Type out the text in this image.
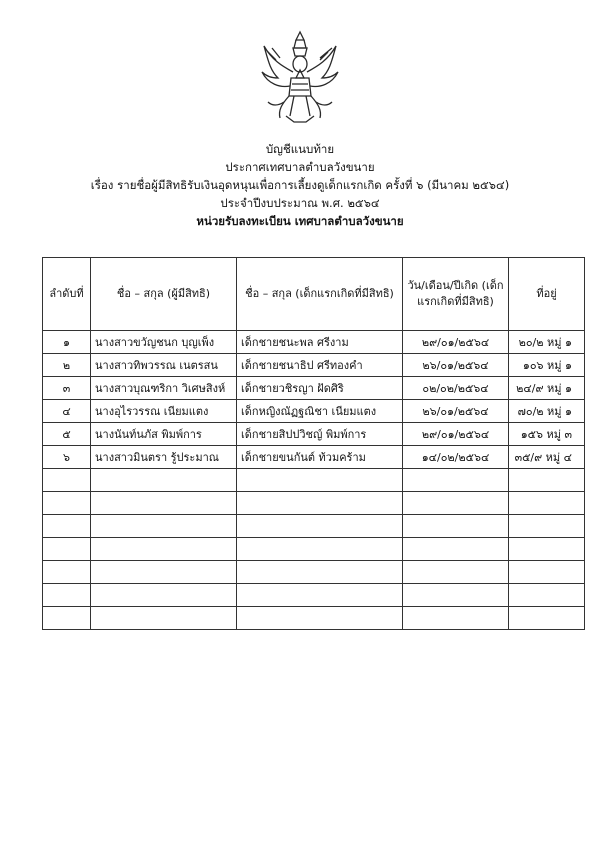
บัญชีแนบท้าย
ประกาศเทศบาลตำบลวังขนาย
เรื่อง รายชื่อผู้มีสิทธิรับเงินอุดหนุนเพื่อการเลี้ยงดูเด็กแรกเกิด ครั้งที่ ๖ (มีนาคม ๒๕๖๔)
ประจำปีงบประมาณ พ.ศ. ๒๕๖๔
หน่วยรับลงทะเบียน เทศบาลตำบลวังขนาย
ลำดับที่	ชื่อ – สกุล (ผู้มีสิทธิ)	ชื่อ – สกุล (เด็กแรกเกิดที่มีสิทธิ)	วัน/เดือน/ปีเกิด (เด็กแรกเกิดที่มีสิทธิ)	ที่อยู่
๑	นางสาวขวัญชนก บุญเพ็ง	เด็กชายชนะพล ศรีงาม	๒๙/๐๑/๒๕๖๔	๒๐/๒ หมู่ ๑
๒	นางสาวทิพวรรณ เนตรสน	เด็กชายชนาธิป ศรีทองคำ	๒๖/๐๑/๒๕๖๔	๑๐๖ หมู่ ๑
๓	นางสาวบุณฑริกา วิเศษสิงห์	เด็กชายวชิรญา ฝัดศิริ	๐๒/๐๒/๒๕๖๔	๒๔/๙ หมู่ ๑
๔	นางอุไรวรรณ เนียมแตง	เด็กหญิงณัฏฐณิชา เนียมแตง	๒๖/๐๑/๒๕๖๔	๗๐/๒ หมู่ ๑
๕	นางนันท์นภัส พิมพ์การ	เด็กชายสิปปวิชญ์ พิมพ์การ	๒๙/๐๑/๒๕๖๔	๑๕๖ หมู่ ๓
๖	นางสาวมินตรา รู้ประมาณ	เด็กชายขนกันต์ ท้วมคร้าม	๑๔/๐๒/๒๕๖๔	๓๕/๙ หมู่ ๔
